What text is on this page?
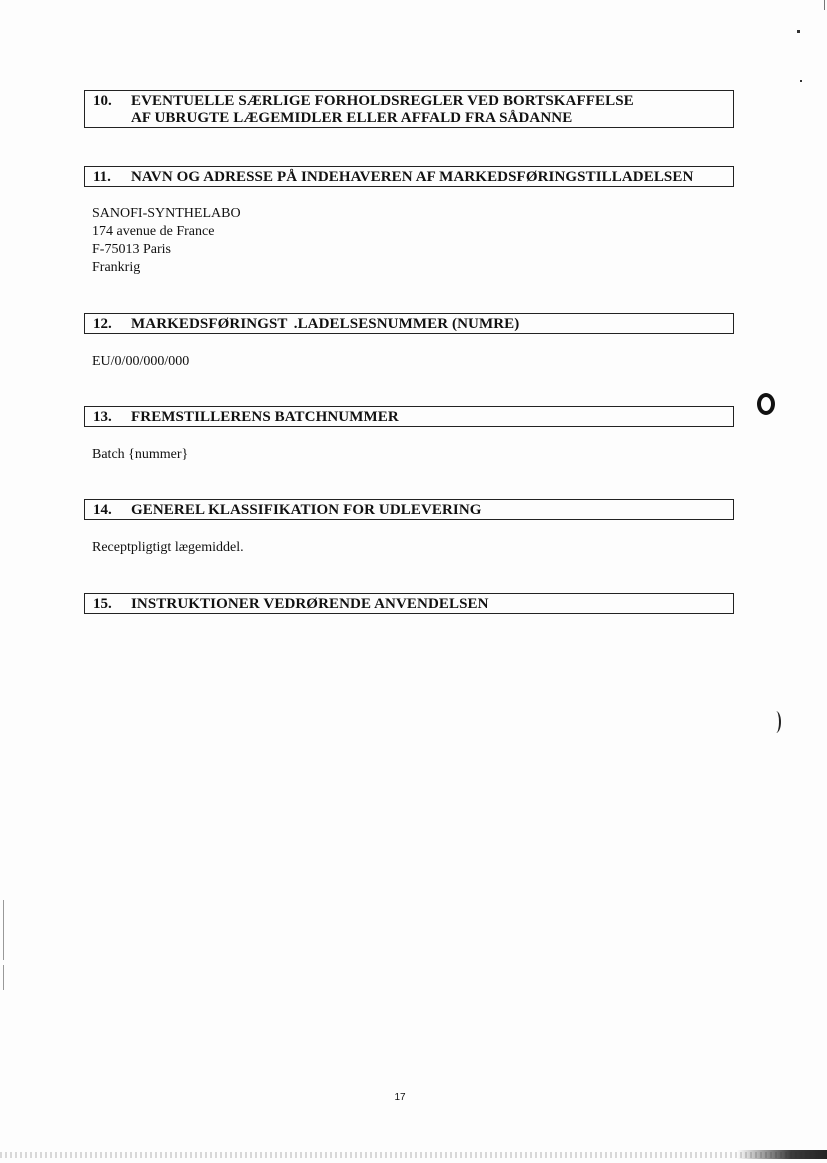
10. EVENTUELLE SÆRLIGE FORHOLDSREGLER VED BORTSKAFFELSE AF UBRUGTE LÆGEMIDLER ELLER AFFALD FRA SÅDANNE
11. NAVN OG ADRESSE PÅ INDEHAVEREN AF MARKEDSFØRINGSTILLADELSEN
SANOFI-SYNTHELABO
174 avenue de France
F-75013 Paris
Frankrig
12. MARKEDSFØRINGST  .LADELSESNUMMER (NUMRE)
EU/0/00/000/000
13. FREMSTILLERENS BATCHNUMMER
Batch {nummer}
14. GENEREL KLASSIFIKATION FOR UDLEVERING
Receptpligtigt lægemiddel.
15. INSTRUKTIONER VEDRØRENDE ANVENDELSEN
17
